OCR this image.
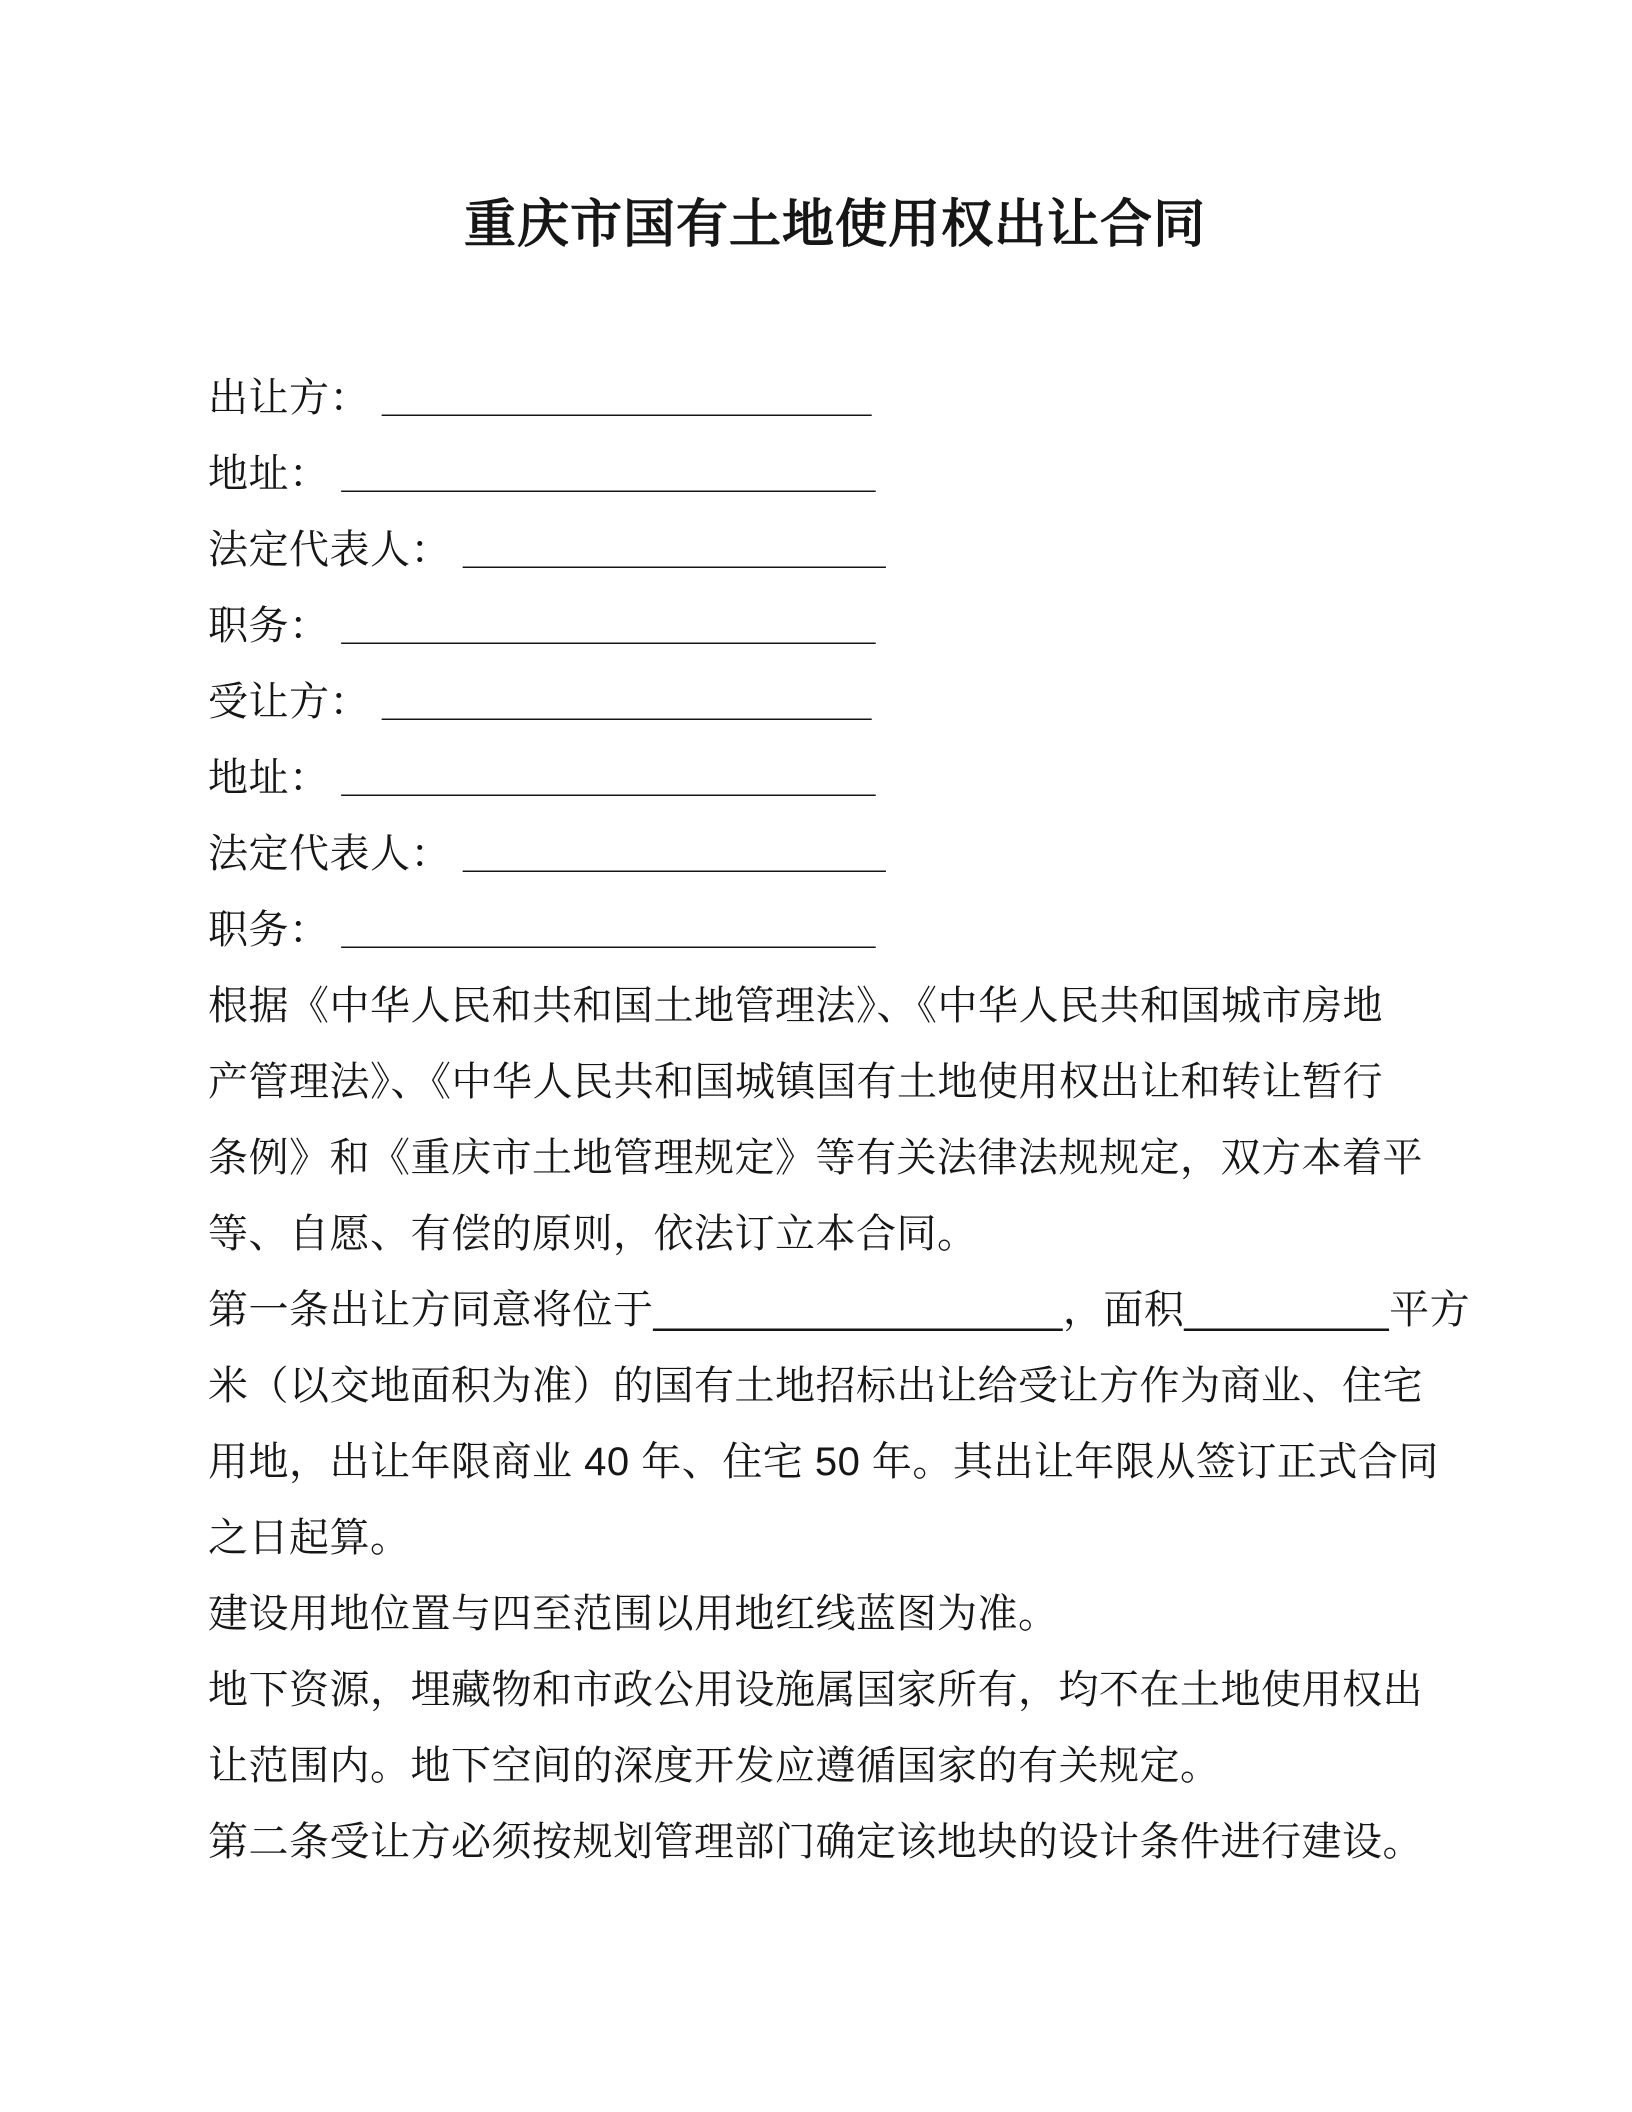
重庆市国有土地使用权出让合同
出让方： ______________________
地址： ________________________
法定代表人： ___________________
职务： ________________________
受让方： ______________________
地址： ________________________
法定代表人： ___________________
职务： ________________________
根据《中华人民和共和国土地管理法》、《中华人民共和国城市房地
产管理法》、《中华人民共和国城镇国有土地使用权出让和转让暂行
条例》和《重庆市土地管理规定》等有关法律法规规定，双方本着平
等、自愿、有偿的原则，依法订立本合同。
第一条出让方同意将位于__________________，面积_________平方
米（以交地面积为准）的国有土地招标出让给受让方作为商业、住宅
用地，出让年限商业 40 年、住宅 50 年。其出让年限从签订正式合同
之日起算。
建设用地位置与四至范围以用地红线蓝图为准。
地下资源，埋藏物和市政公用设施属国家所有，均不在土地使用权出
让范围内。地下空间的深度开发应遵循国家的有关规定。
第二条受让方必须按规划管理部门确定该地块的设计条件进行建设。
